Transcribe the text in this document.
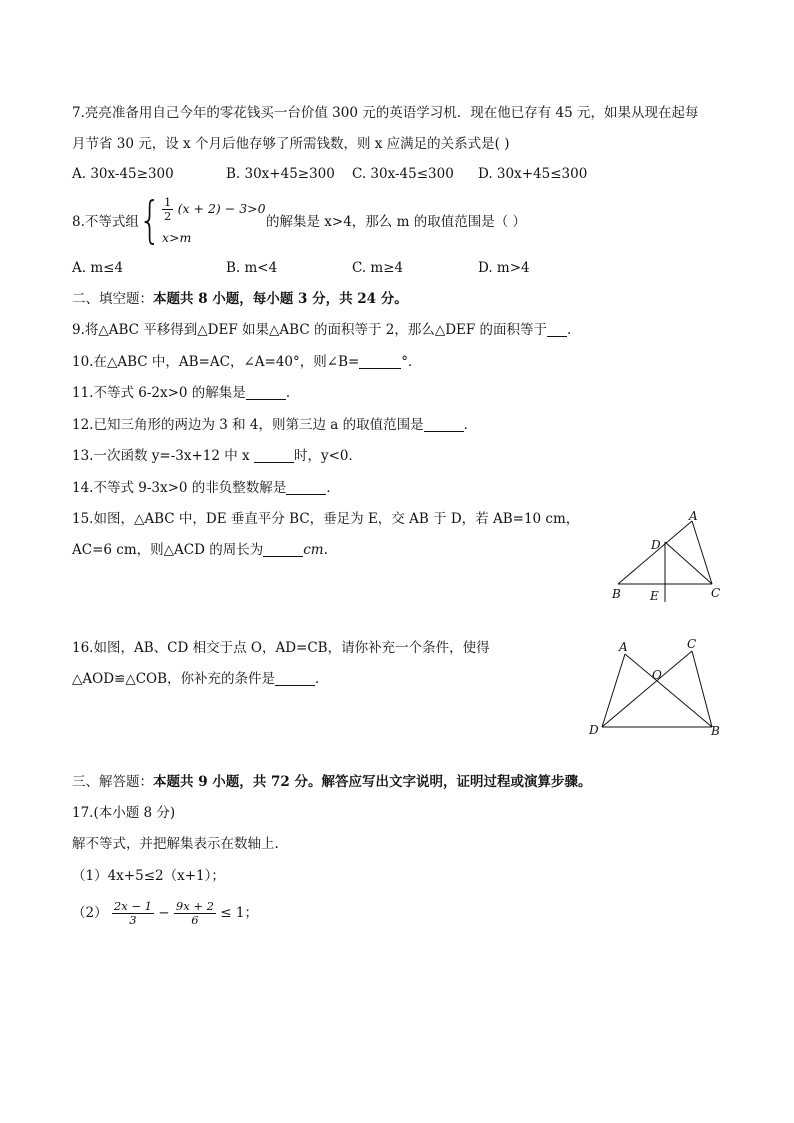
7.亮亮准备用自己今年的零花钱买一台价值 300 元的英语学习机．现在他已存有 45 元，如果从现在起每
月节省 30 元，设 x 个月后他存够了所需钱数，则 x 应满足的关系式是( )
A. 30x-45≥300	B. 30x+45≥300 C. 30x-45≤300 D. 30x+45≤300
8.不等式组 { $\frac{1}{2} (x + 2) - 3>0$
x>m
的解集是 x>4，那么 m 的取值范围是（ ）
A. m≤4	B. m<4	C. m≥4	D. m>4
二、填空题：本题共 8 小题，每小题 3 分，共 24 分。
9.将△ABC 平移得到△DEF 如果△ABC 的面积等于 2，那么△DEF 的面积等于 .
10.在△ABC 中，AB=AC，∠A=40°，则∠B=	°．
11.不等式 6-2x>0 的解集是	．
12.已知三角形的两边为 3 和 4，则第三边 a 的取值范围是	．
13.一次函数 y=-3x+12 中 x	时，y<0．
14.不等式 9-3x>0 的非负整数解是	．
15.如图，△ABC 中，DE 垂直平分 BC，垂足为 E，交 AB 于 D，若 AB=10 cm，
AC=6 cm，则△ACD 的周长为	cm.
A
B	C
D
E
16.如图，AB、CD 相交于点 O，AD=CB，请你补充一个条件，使得
△AOD≌△COB，你补充的条件是	．
A	C
O
D	B
三、解答题：本题共 9 小题，共 72 分。解答应写出文字说明，证明过程或演算步骤。
17.(本小题 8 分)
解不等式，并把解集表示在数轴上.
（1）4x+5≤2（x+1）；
$(2) \frac{2x - 1}{3} - \frac{9x + 2}{6} \le 1$；
